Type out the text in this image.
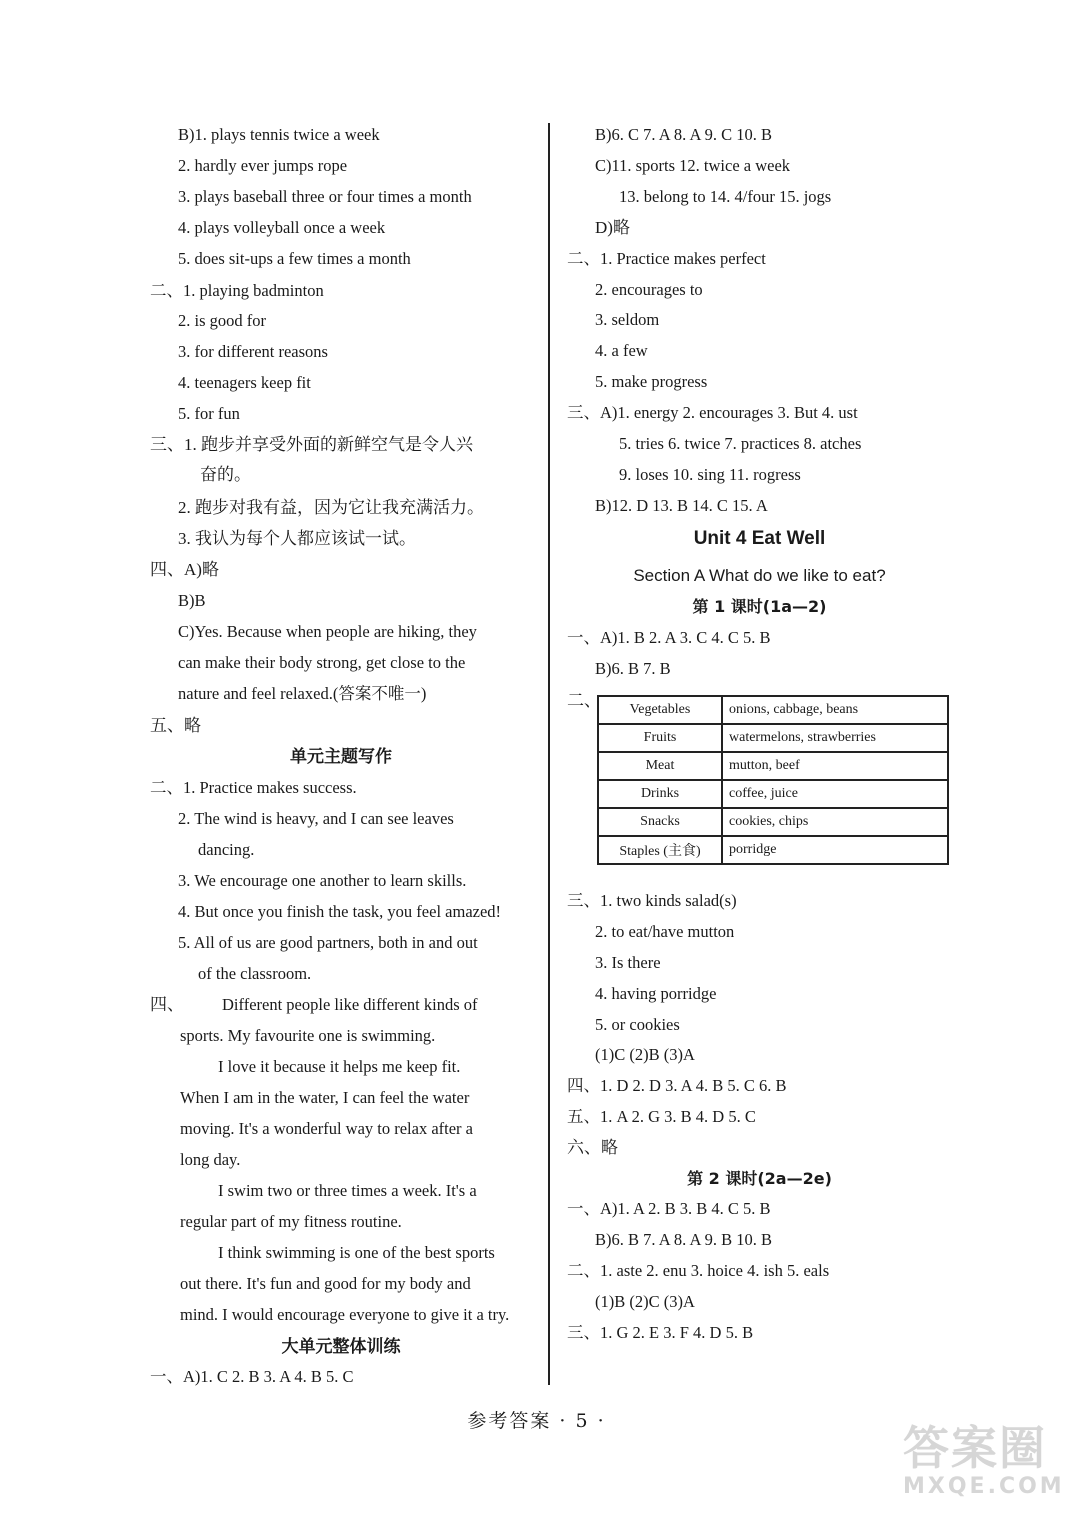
B)1. plays tennis twice a week
2. hardly ever jumps rope
3. plays baseball three or four times a month
4. plays volleyball once a week
5. does sit-ups a few times a month
二、1. playing badminton
2. is good for
3. for different reasons
4. teenagers keep fit
5. for fun
三、1. 跑步并享受外面的新鲜空气是令人兴
奋的。
2. 跑步对我有益，因为它让我充满活力。
3. 我认为每个人都应该试一试。
四、A)略
B)B
C)Yes. Because when people are hiking, they
can make their body strong, get close to the
nature and feel relaxed.(答案不唯一)
五、略
单元主题写作
二、1. Practice makes success.
2. The wind is heavy, and I can see leaves
dancing.
3. We encourage one another to learn skills.
4. But once you finish the task, you feel amazed!
5. All of us are good partners, both in and out
of the classroom.
四、 Different people like different kinds of
sports. My favourite one is swimming.
I love it because it helps me keep fit.
When I am in the water, I can feel the water
moving. It's a wonderful way to relax after a
long day.
I swim two or three times a week. It's a
regular part of my fitness routine.
I think swimming is one of the best sports
out there. It's fun and good for my body and
mind. I would encourage everyone to give it a try.
大单元整体训练
一、A)1. C 2. B 3. A 4. B 5. C
B)6. C 7. A 8. A 9. C 10. B
C)11. sports 12. twice a week
13. belong to 14. 4/four 15. jogs
D)略
二、1. Practice makes perfect
2. encourages to
3. seldom
4. a few
5. make progress
三、A)1. energy 2. encourages 3. But 4. ust
5. tries 6. twice 7. practices 8. atches
9. loses 10. sing 11. rogress
B)12. D 13. B 14. C 15. A
Unit 4 Eat Well
Section A What do we like to eat?
第 1 课时(1a—2)
一、A)1. B 2. A 3. C 4. C 5. B
B)6. B 7. B
二、
三、1. two kinds salad(s)
2. to eat/have mutton
3. Is there
4. having porridge
5. or cookies
(1)C (2)B (3)A
四、1. D 2. D 3. A 4. B 5. C 6. B
五、1. A 2. G 3. B 4. D 5. C
六、略
第 2 课时(2a—2e)
一、A)1. A 2. B 3. B 4. C 5. B
B)6. B 7. A 8. A 9. B 10. B
二、1. aste 2. enu 3. hoice 4. ish 5. eals
(1)B (2)C (3)A
三、1. G 2. E 3. F 4. D 5. B
Vegetables	onions, cabbage, beans
Fruits	watermelons, strawberries
Meat	mutton, beef
Drinks	coffee, juice
Snacks	cookies, chips
Staples (主食)	porridge
参考答案 · 5 ·	答案圈
MXQE.COM
